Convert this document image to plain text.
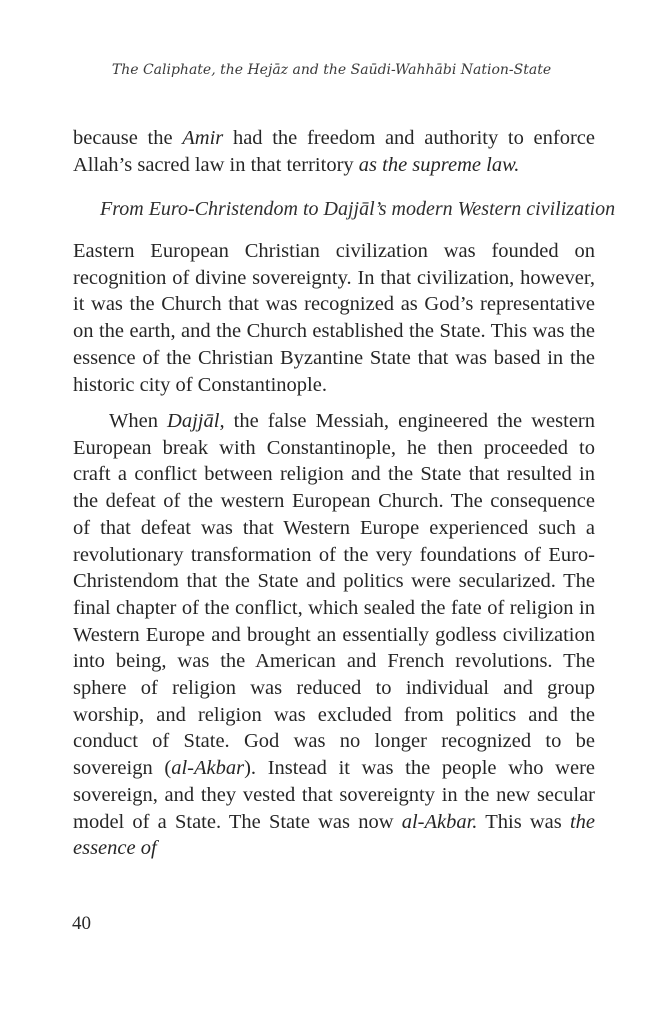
The Caliphate, the Hejāz and the Saūdi-Wahhābi Nation-State

because the Amir had the freedom and authority to enforce Allah’s sacred law in that territory as the supreme law.

From Euro-Christendom to Dajjāl’s modern Western civilization

Eastern European Christian civilization was founded on recognition of divine sovereignty. In that civilization, however, it was the Church that was recognized as God’s representative on the earth, and the Church established the State. This was the essence of the Christian Byzantine State that was based in the historic city of Constantinople.

When Dajjāl, the false Messiah, engineered the western European break with Constantinople, he then proceeded to craft a conflict between religion and the State that resulted in the defeat of the western European Church. The consequence of that defeat was that Western Europe experienced such a revolutionary transformation of the very foundations of Euro-Christendom that the State and politics were secularized. The final chapter of the conflict, which sealed the fate of religion in Western Europe and brought an essentially godless civilization into being, was the American and French revolutions. The sphere of religion was reduced to individual and group worship, and religion was excluded from politics and the conduct of State. God was no longer recognized to be sovereign (al-Akbar). Instead it was the people who were sovereign, and they vested that sovereignty in the new secular model of a State. The State was now al-Akbar. This was the essence of

40
